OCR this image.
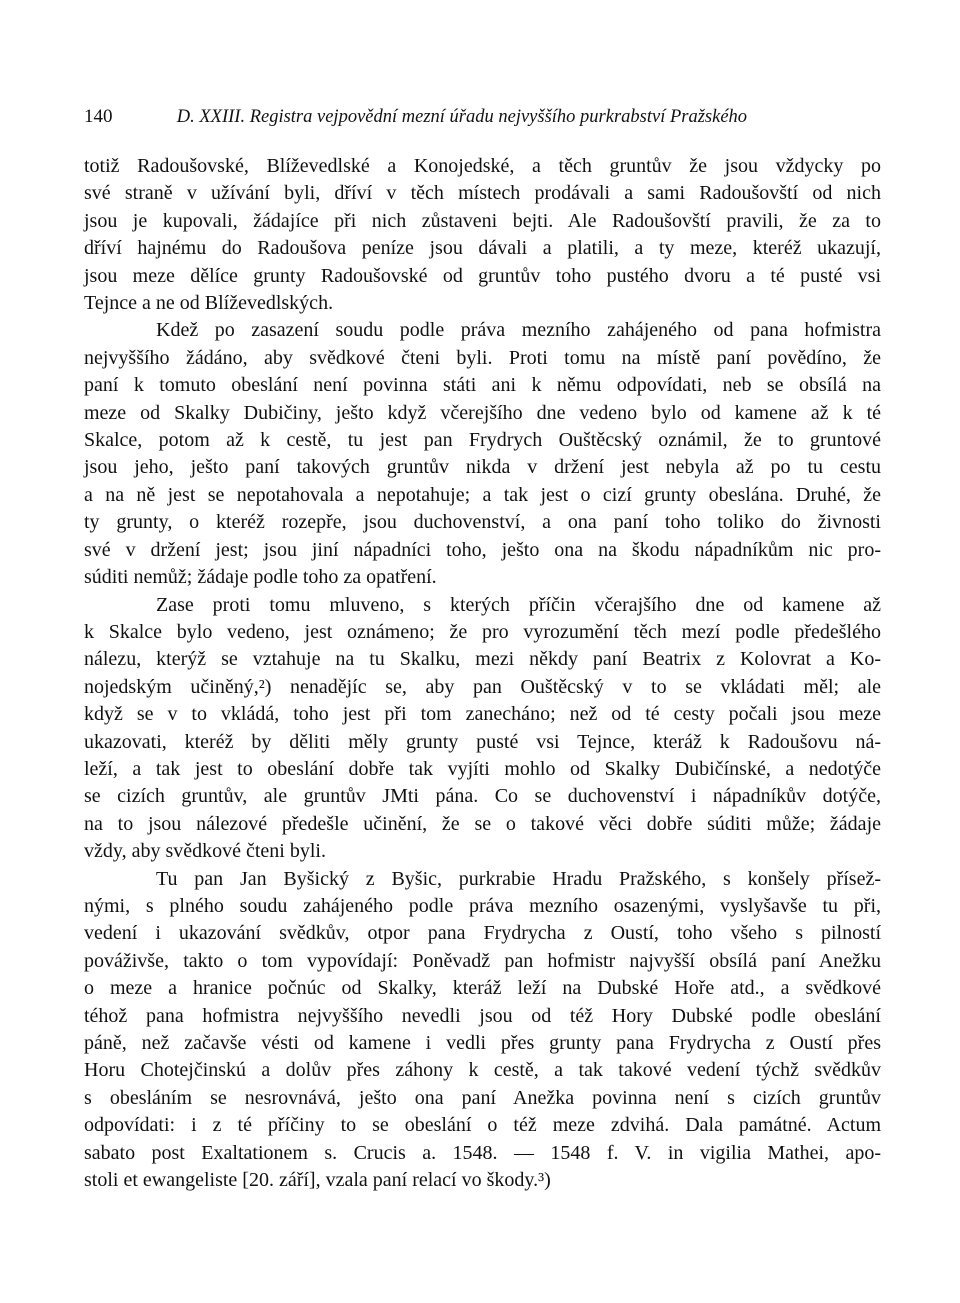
140	D. XXIII. Registra vejpovědní mezní úřadu nejvyššího purkrabství Pražského

totiž Radoušovské, Blíževedlské a Konojedské, a těch gruntův že jsou vždycky po
své straně v užívání byli, dříví v těch místech prodávali a sami Radoušovští od nich
jsou je kupovali, žádajíce při nich zůstaveni bejti. Ale Radoušovští pravili, že za to
dříví hajnému do Radoušova peníze jsou dávali a platili, a ty meze, kteréž ukazují,
jsou meze dělíce grunty Radoušovské od gruntův toho pustého dvoru a té pusté vsi
Tejnce a ne od Blíževedlských.

Kdež po zasazení soudu podle práva mezního zahájeného od pana hofmistra
nejvyššího žádáno, aby svědkové čteni byli. Proti tomu na místě paní povědíno, že
paní k tomuto obeslání není povinna státi ani k němu odpovídati, neb se obsílá na
meze od Skalky Dubičiny, ješto když včerejšího dne vedeno bylo od kamene až k té
Skalce, potom až k cestě, tu jest pan Frydrych Ouštěcský oznámil, že to gruntové
jsou jeho, ješto paní takových gruntův nikda v držení jest nebyla až po tu cestu
a na ně jest se nepotahovala a nepotahuje; a tak jest o cizí grunty obeslána. Druhé, že
ty grunty, o kteréž rozepře, jsou duchovenství, a ona paní toho toliko do živnosti
své v držení jest; jsou jiní nápadníci toho, ješto ona na škodu nápadníkům nic pro-
súditi nemůž; žádaje podle toho za opatření.

Zase proti tomu mluveno, s kterých příčin včerajšího dne od kamene až
k Skalce bylo vedeno, jest oznámeno; že pro vyrozumění těch mezí podle předešlého
nálezu, kterýž se vztahuje na tu Skalku, mezi někdy paní Beatrix z Kolovrat a Ko-
nojedským učiněný,²) nenadějíc se, aby pan Ouštěcský v to se vkládati měl; ale
když se v to vkládá, toho jest při tom zanecháno; než od té cesty počali jsou meze
ukazovati, kteréž by děliti měly grunty pusté vsi Tejnce, kteráž k Radoušovu ná-
leží, a tak jest to obeslání dobře tak vyjíti mohlo od Skalky Dubičínské, a nedotýče
se cizích gruntův, ale gruntův JMti pána. Co se duchovenství i nápadníkův dotýče,
na to jsou nálezové předešle učinění, že se o takové věci dobře súditi může; žádaje
vždy, aby svědkové čteni byli.

Tu pan Jan Byšický z Byšic, purkrabie Hradu Pražského, s konšely přísež-
nými, s plného soudu zahájeného podle práva mezního osazenými, vyslyšavše tu při,
vedení i ukazování svědkův, otpor pana Frydrycha z Oustí, toho všeho s pilností
pováživše, takto o tom vypovídají: Poněvadž pan hofmistr najvyšší obsílá paní Anežku
o meze a hranice počnúc od Skalky, kteráž leží na Dubské Hoře atd., a svědkové
téhož pana hofmistra nejvyššího nevedli jsou od též Hory Dubské podle obeslání
páně, než začavše vésti od kamene i vedli přes grunty pana Frydrycha z Oustí přes
Horu Chotejčinskú a dolův přes záhony k cestě, a tak takové vedení týchž svědkův
s obesláním se nesrovnává, ješto ona paní Anežka povinna není s cizích gruntův
odpovídati: i z té příčiny to se obeslání o též meze zdvihá. Dala památné. Actum
sabato post Exaltationem s. Crucis a. 1548. — 1548 f. V. in vigilia Mathei, apo-
stoli et ewangeliste [20. září], vzala paní relací vo škody.³)
